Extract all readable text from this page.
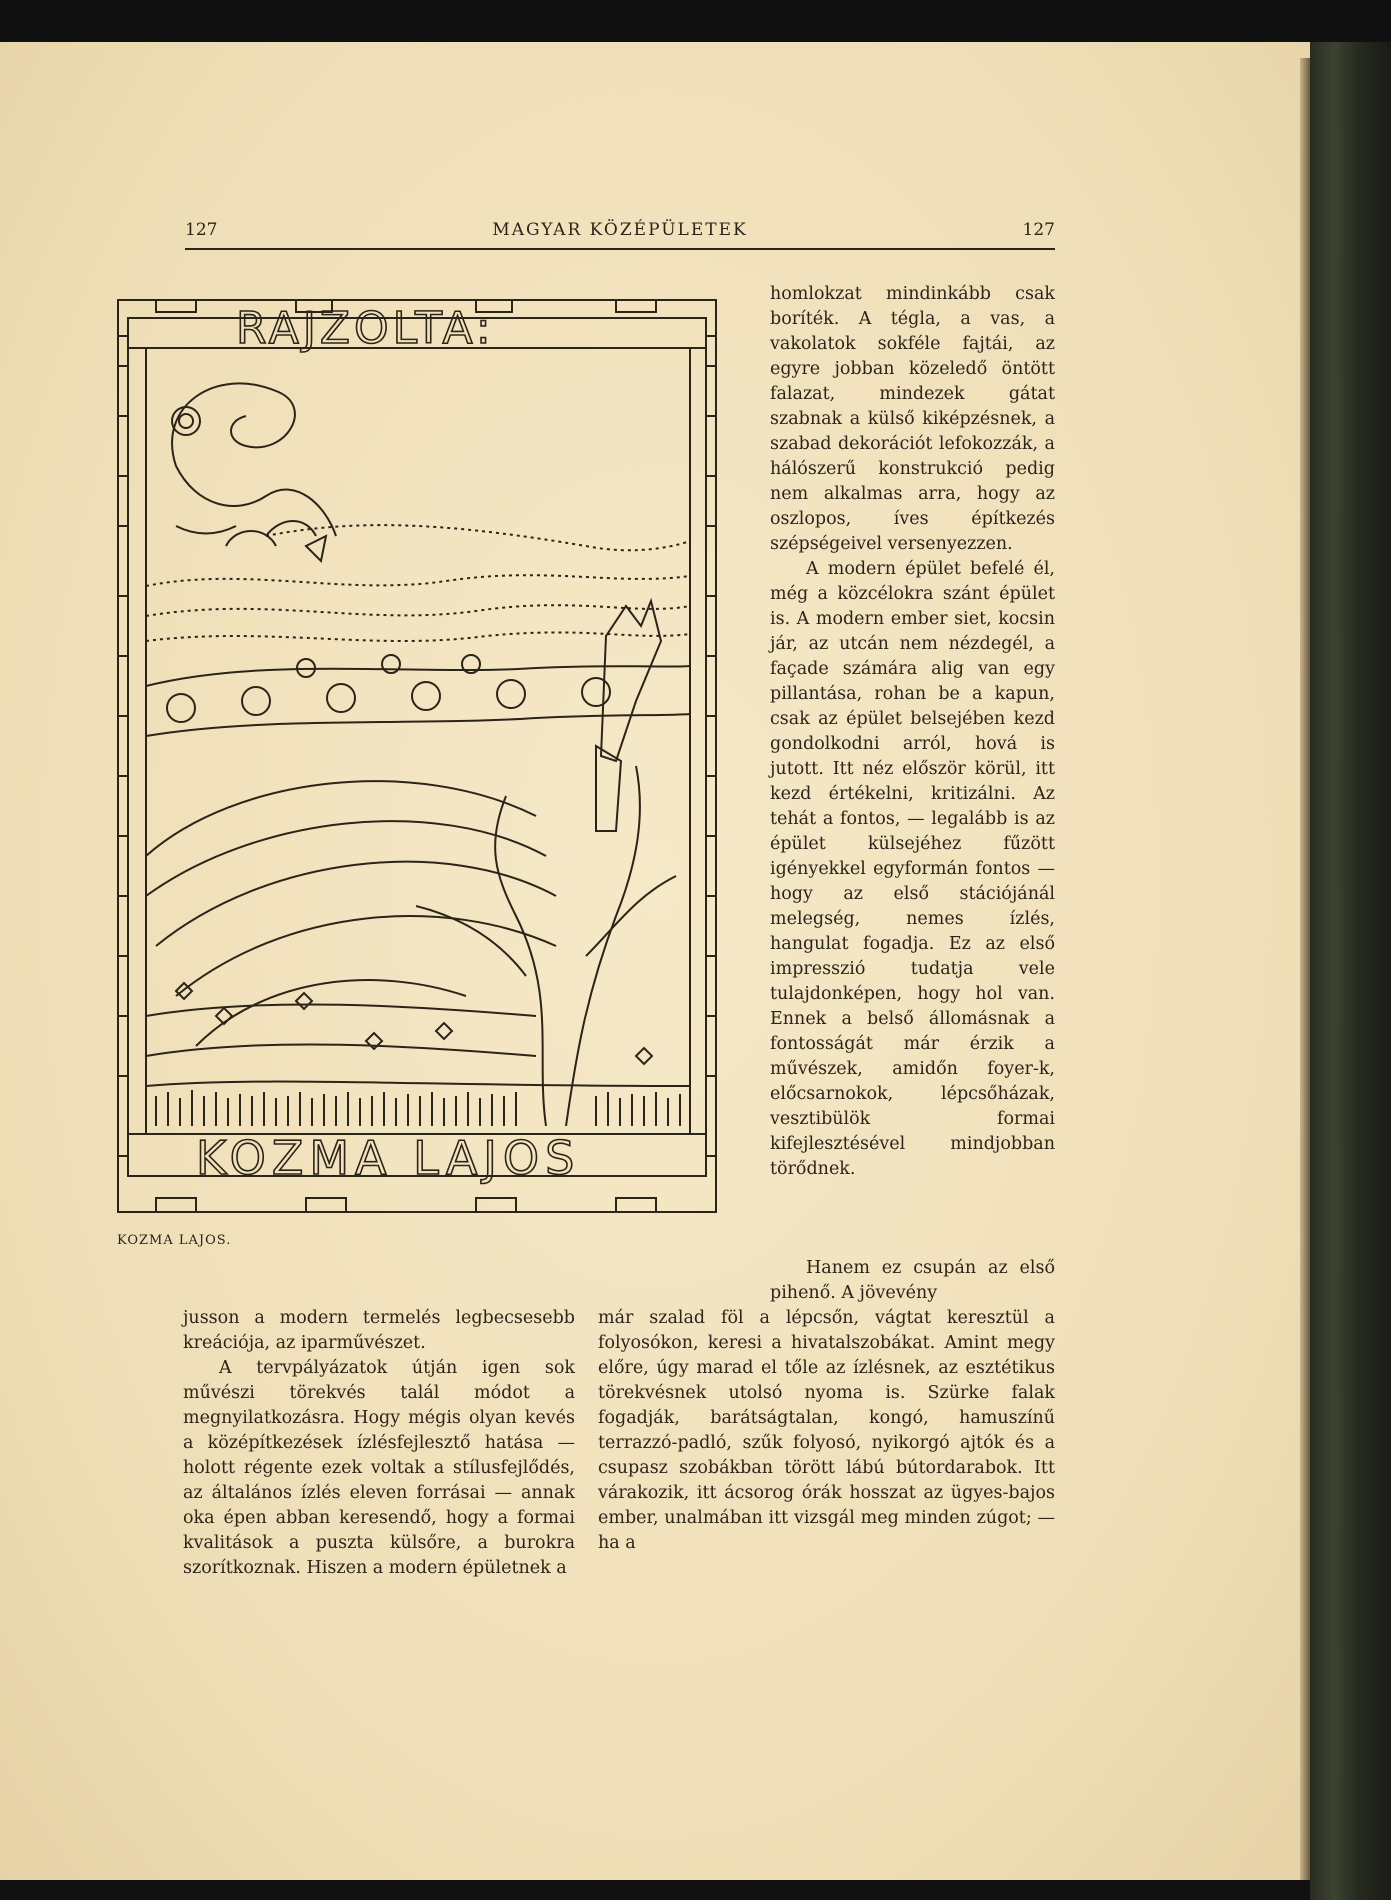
127	MAGYAR KÖZÉPÜLETEK	127
RAJZOLTA:
KOZMA LAJOS
KOZMA LAJOS.

homlokzat mindinkább csak boríték. A tégla, a vas, a vakolatok sokféle fajtái, az egyre jobban közeledő öntött falazat, mindezek gátat szabnak a külső kiképzésnek, a szabad dekorációt lefokozzák, a hálószerű konstrukció pedig nem alkalmas arra, hogy az oszlopos, íves építkezés szépségeivel versenyezzen.

A modern épület befelé él, még a közcélokra szánt épület is. A modern ember siet, kocsin jár, az utcán nem nézdegél, a façade számára alig van egy pillantása, rohan be a kapun, csak az épület belsejében kezd gondolkodni arról, hová is jutott. Itt néz először körül, itt kezd értékelni, kritizálni. Az tehát a fontos, — legalább is az épület külsejéhez fűzött igényekkel egyformán fontos — hogy az első stációjánál melegség, nemes ízlés, hangulat fogadja. Ez az első impresszió tudatja vele tulajdonképen, hogy hol van. Ennek a belső állomásnak a fontosságát már érzik a művészek, amidőn foyer-k, előcsarnokok, lépcsőházak, vesztibülök formai kifejlesztésével mindjobban törődnek.

Hanem ez csupán az első pihenő. A jövevény

jusson a modern termelés legbecsesebb kreációja, az iparművészet.

A tervpályázatok útján igen sok művészi törekvés talál módot a megnyilatkozásra. Hogy mégis olyan kevés a középítkezések ízlésfejlesztő hatása — holott régente ezek voltak a stílusfejlődés, az általános ízlés eleven forrásai — annak oka épen abban keresendő, hogy a formai kvalitások a puszta külsőre, a burokra szorítkoznak. Hiszen a modern épületnek a

már szalad föl a lépcsőn, vágtat keresztül a folyosókon, keresi a hivatalszobákat. Amint megy előre, úgy marad el tőle az ízlésnek, az esztétikus törekvésnek utolsó nyoma is. Szürke falak fogadják, barátságtalan, kongó, hamuszínű terrazzó-padló, szűk folyosó, nyikorgó ajtók és a csupasz szobákban törött lábú bútordarabok. Itt várakozik, itt ácsorog órák hosszat az ügyes-bajos ember, unalmában itt vizsgál meg minden zúgot; — ha a
